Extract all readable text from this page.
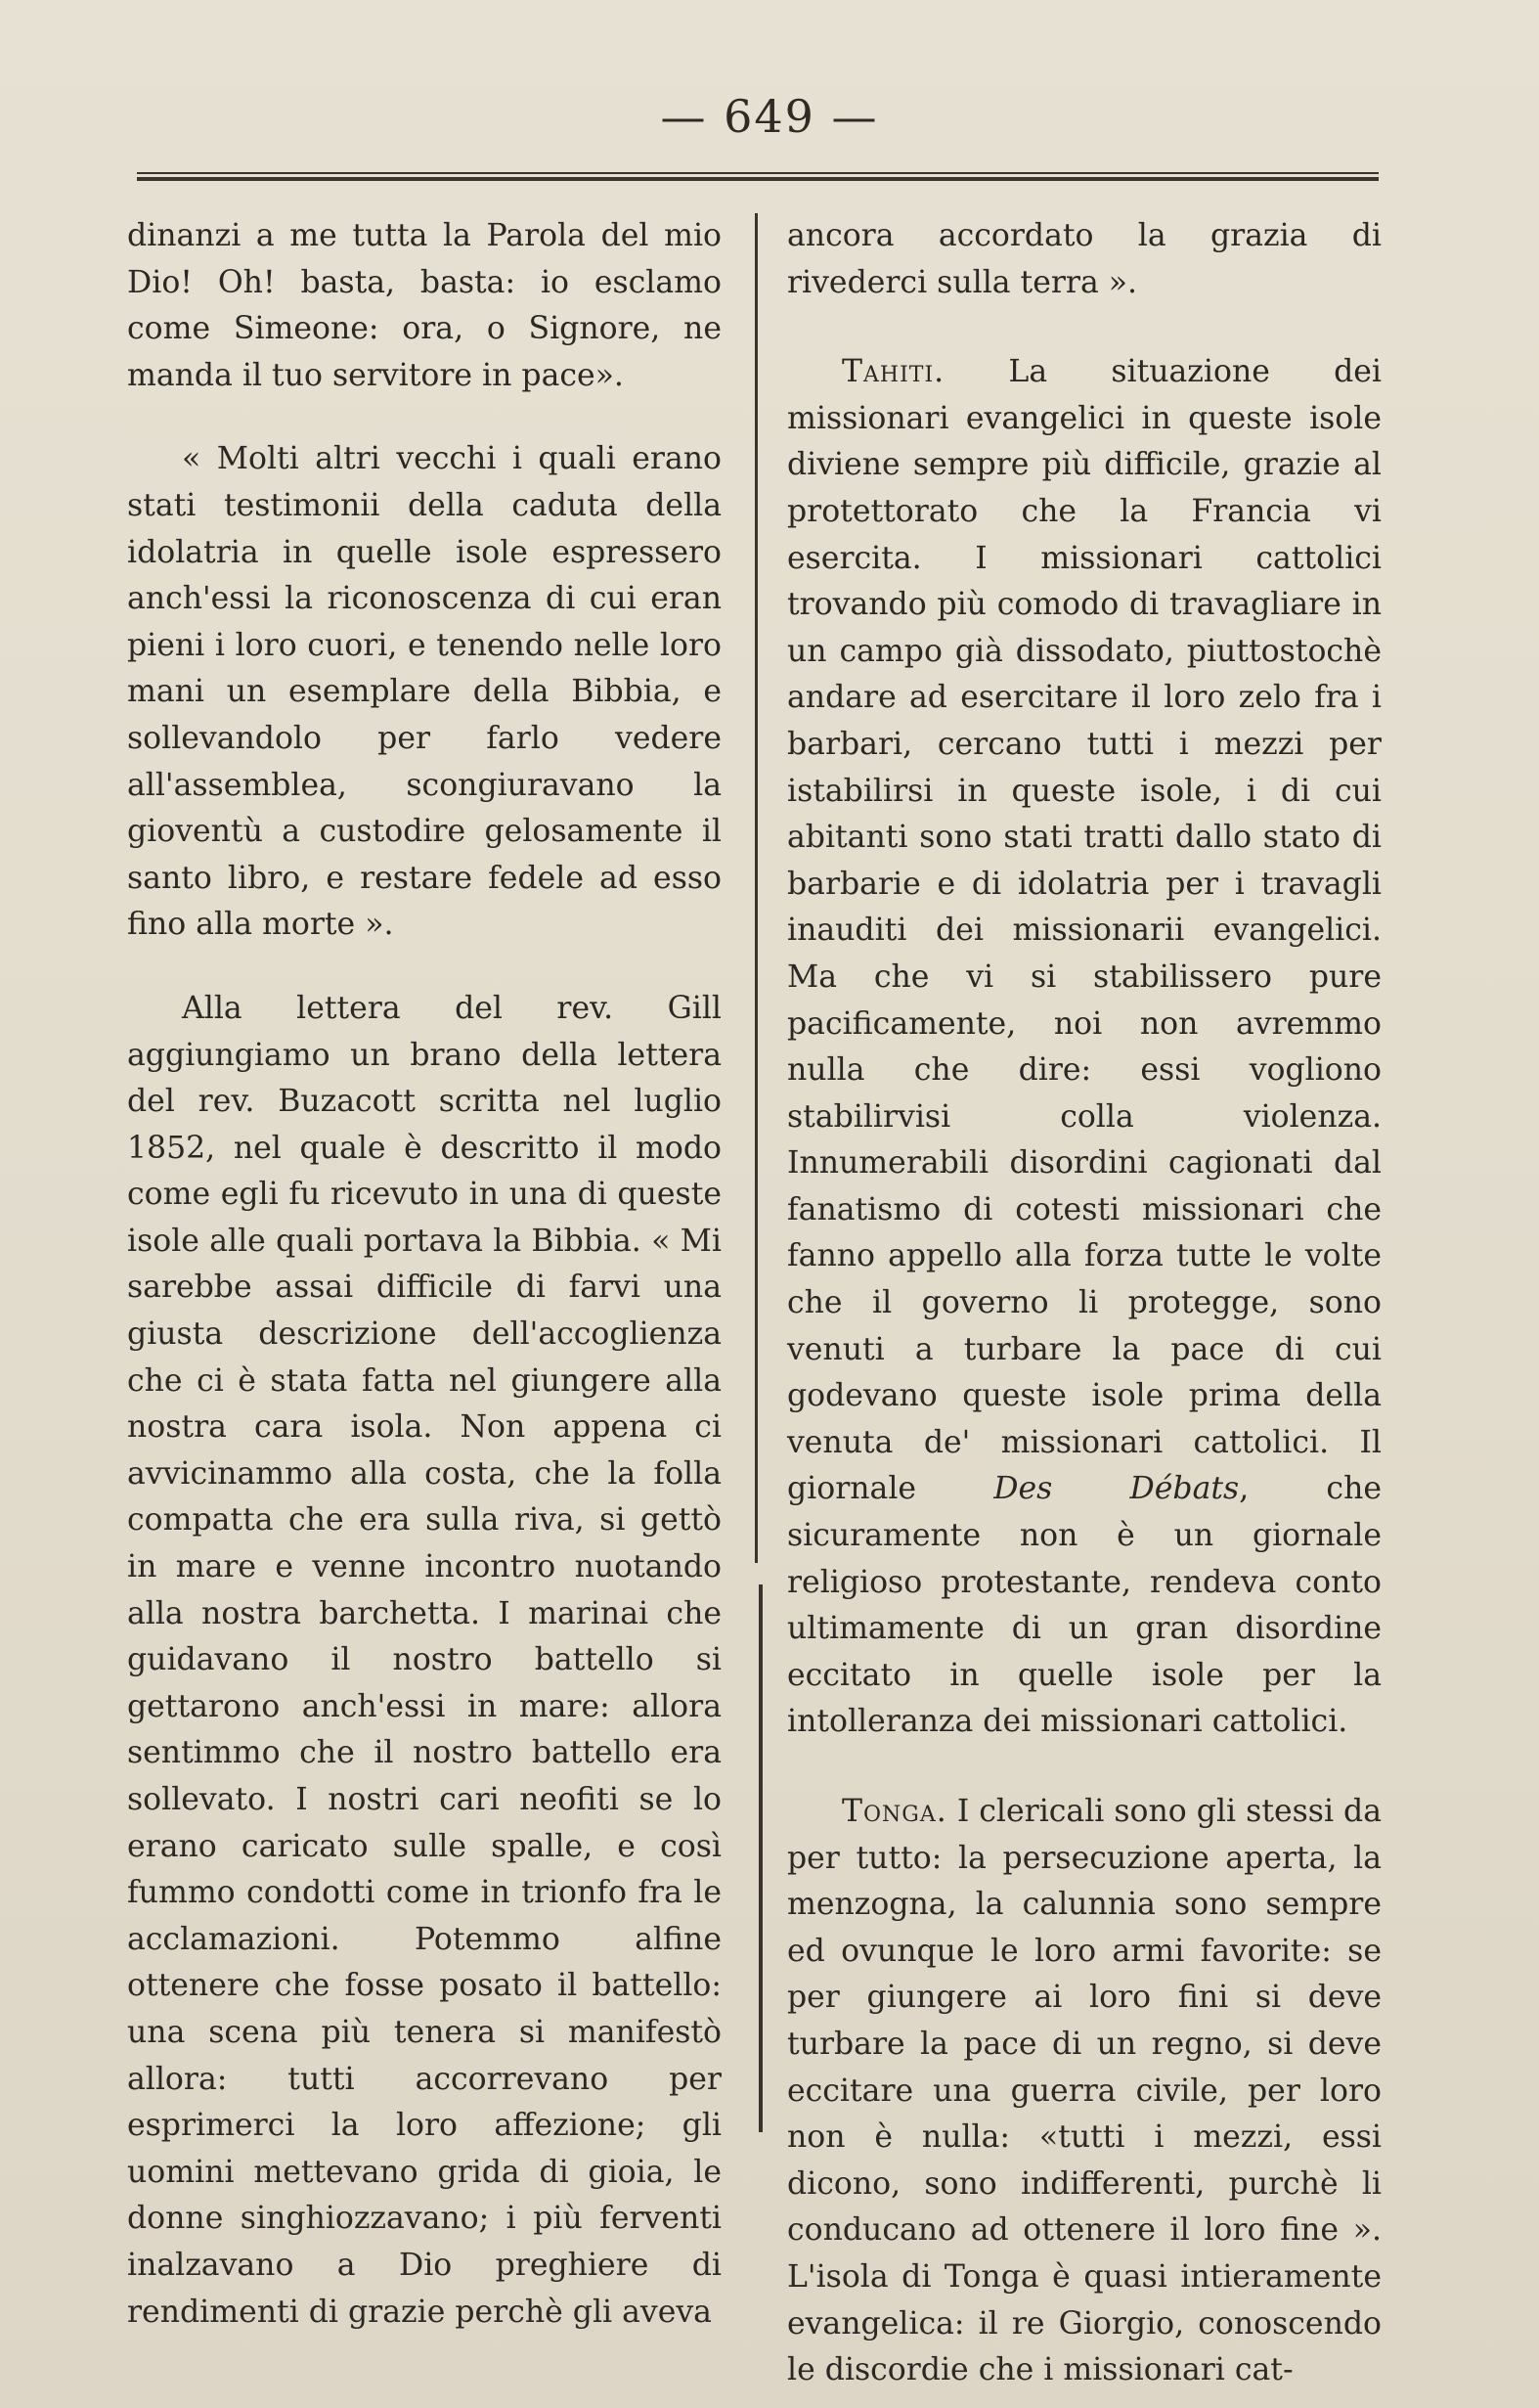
— 649 —

dinanzi a me tutta la Parola del mio Dio! Oh! basta, basta: io esclamo come Simeone: ora, o Signore, ne manda il tuo servitore in pace».

« Molti altri vecchi i quali erano stati testimonii della caduta della idolatria in quelle isole espressero anch'essi la riconoscenza di cui eran pieni i loro cuori, e tenendo nelle loro mani un esemplare della Bibbia, e sollevandolo per farlo vedere all'assemblea, scongiuravano la gioventù a custodire gelosamente il santo libro, e restare fedele ad esso fino alla morte ».

Alla lettera del rev. Gill aggiungiamo un brano della lettera del rev. Buzacott scritta nel luglio 1852, nel quale è descritto il modo come egli fu ricevuto in una di queste isole alle quali portava la Bibbia. « Mi sarebbe assai difficile di farvi una giusta descrizione dell'accoglienza che ci è stata fatta nel giungere alla nostra cara isola. Non appena ci avvicinammo alla costa, che la folla compatta che era sulla riva, si gettò in mare e venne incontro nuotando alla nostra barchetta. I marinai che guidavano il nostro battello si gettarono anch'essi in mare: allora sentimmo che il nostro battello era sollevato. I nostri cari neofiti se lo erano caricato sulle spalle, e così fummo condotti come in trionfo fra le acclamazioni. Potemmo alfine ottenere che fosse posato il battello: una scena più tenera si manifestò allora: tutti accorrevano per esprimerci la loro affezione; gli uomini mettevano grida di gioia, le donne singhiozzavano; i più ferventi inalzavano a Dio preghiere di rendimenti di grazie perchè gli aveva

ancora accordato la grazia di rivederci sulla terra ».

Tahiti. La situazione dei missionari evangelici in queste isole diviene sempre più difficile, grazie al protettorato che la Francia vi esercita. I missionari cattolici trovando più comodo di travagliare in un campo già dissodato, piuttostochè andare ad esercitare il loro zelo fra i barbari, cercano tutti i mezzi per istabilirsi in queste isole, i di cui abitanti sono stati tratti dallo stato di barbarie e di idolatria per i travagli inauditi dei missionarii evangelici. Ma che vi si stabilissero pure pacificamente, noi non avremmo nulla che dire: essi vogliono stabilirvisi colla violenza. Innumerabili disordini cagionati dal fanatismo di cotesti missionari che fanno appello alla forza tutte le volte che il governo li protegge, sono venuti a turbare la pace di cui godevano queste isole prima della venuta de' missionari cattolici. Il giornale Des Débats, che sicuramente non è un giornale religioso protestante, rendeva conto ultimamente di un gran disordine eccitato in quelle isole per la intolleranza dei missionari cattolici.

Tonga. I clericali sono gli stessi da per tutto: la persecuzione aperta, la menzogna, la calunnia sono sempre ed ovunque le loro armi favorite: se per giungere ai loro fini si deve turbare la pace di un regno, si deve eccitare una guerra civile, per loro non è nulla: «tutti i mezzi, essi dicono, sono indifferenti, purchè li conducano ad ottenere il loro fine ». L'isola di Tonga è quasi intieramente evangelica: il re Giorgio, conoscendo le discordie che i missionari cat-
